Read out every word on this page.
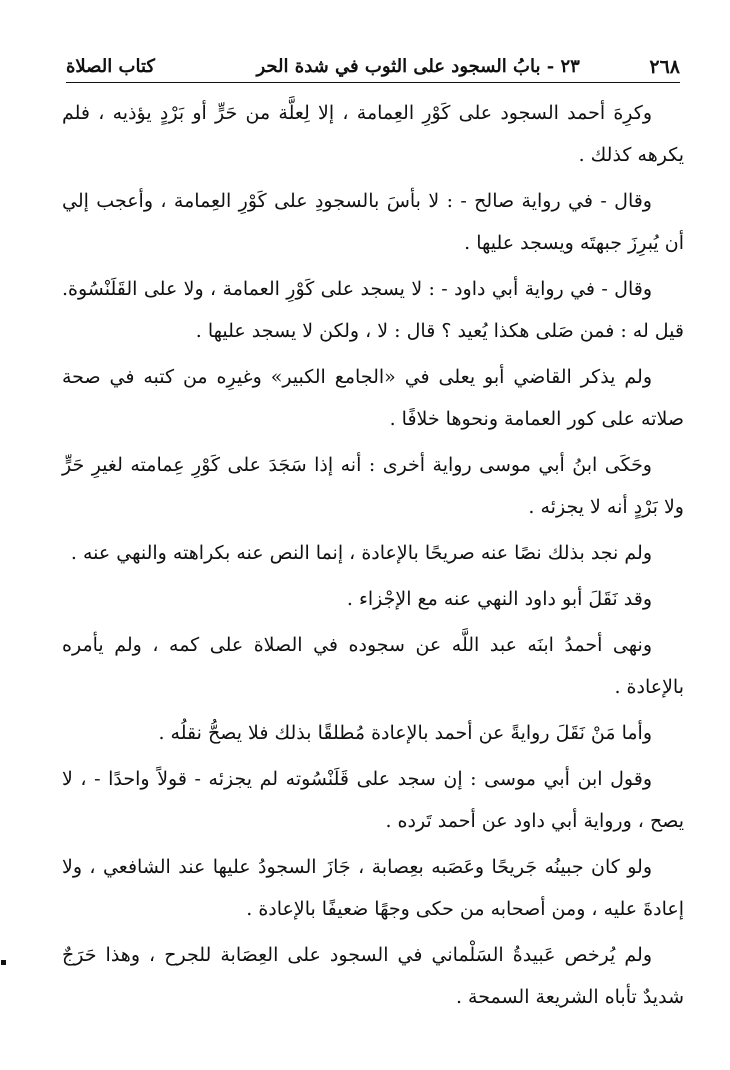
٢٦٨
٢٣ - بابُ السجود على الثوب في شدة الحر
كتاب الصلاة

وكرِهَ أحمد السجود على كَوْرِ العِمامة ، إلا لِعلَّة من حَرٍّ أو بَرْدٍ يؤذيه ، فلم يكرهه كذلك .

وقال - في رواية صالح - : لا بأسَ بالسجودِ على كَوْرِ العِمامة ، وأعجب إلي أن يُبرِزَ جبهتَه ويسجد عليها .

وقال - في رواية أبي داود - : لا يسجد على كَوْرِ العمامة ، ولا على القَلَنْسُوة. قيل له : فمن صَلى هكذا يُعيد ؟ قال : لا ، ولكن لا يسجد عليها .

ولم يذكر القاضي أبو يعلى في «الجامع الكبير» وغيرِه من كتبه في صحة صلاته على كور العمامة ونحوها خلافًا .

وحَكَى ابنُ أبي موسى رواية أخرى : أنه إذا سَجَدَ على كَوْرِ عِمامته لغيرِ حَرٍّ ولا بَرْدٍ أنه لا يجزئه .

ولم نجد بذلك نصًا عنه صريحًا بالإعادة ، إنما النص عنه بكراهته والنهي عنه .

وقد نَقَلَ أبو داود النهي عنه مع الإجْزاء .

ونهى أحمدُ ابنَه عبد اللَّه عن سجوده في الصلاة على كمه ، ولم يأمره بالإعادة .

وأما مَنْ نَقَلَ روايةً عن أحمد بالإعادة مُطلقًا بذلك فلا يصحُّ نقلُه .

وقول ابن أبي موسى : إن سجد على قَلَنْسُوته لم يجزئه - قولاً واحدًا - ، لا يصح ، ورواية أبي داود عن أحمد تَرده .

ولو كان جبينُه جَريحًا وعَصَبه بعِصابة ، جَازَ السجودُ عليها عند الشافعي ، ولا إعادةَ عليه ، ومن أصحابه من حكى وجهًا ضعيفًا بالإعادة .

ولم يُرخص عَبيدةُ السَلْماني في السجود على العِصَابة للجرح ، وهذا حَرَجٌ شديدٌ تأباه الشريعة السمحة .
